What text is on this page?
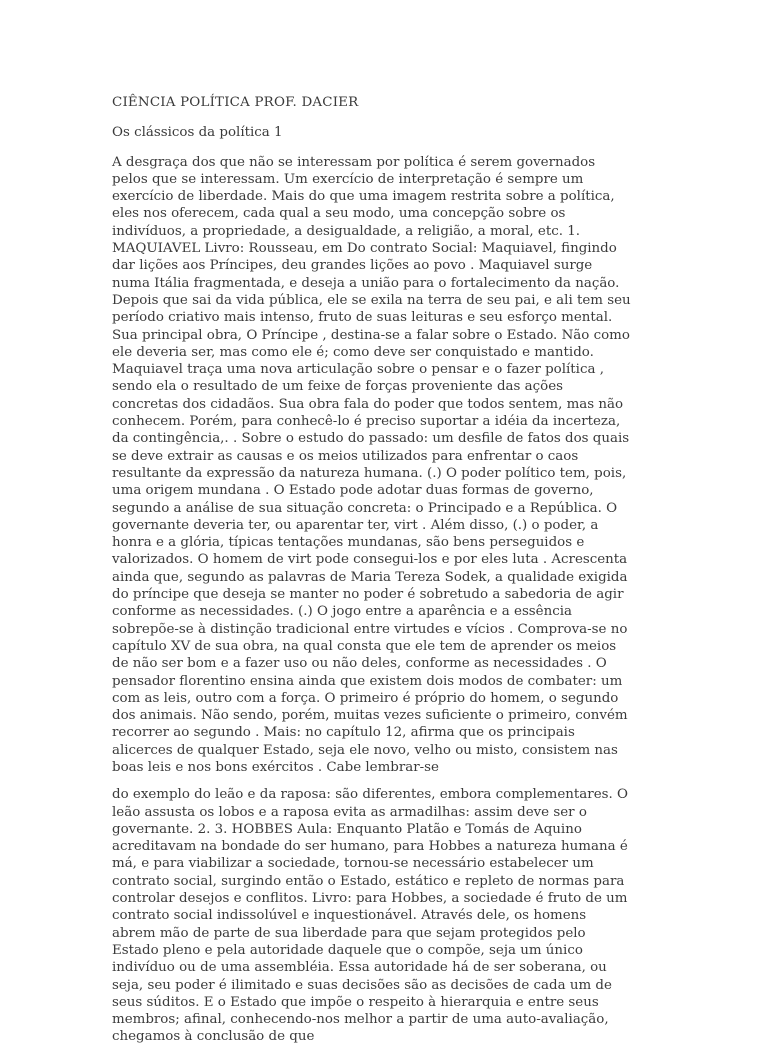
CIÊNCIA POLÍTICA PROF. DACIER

Os clássicos da política 1

A desgraça dos que não se interessam por política é serem governados pelos que se interessam. Um exercício de interpretação é sempre um exercício de liberdade. Mais do que uma imagem restrita sobre a política, eles nos oferecem, cada qual a seu modo, uma concepção sobre os indivíduos, a propriedade, a desigualdade, a religião, a moral, etc. 1. MAQUIAVEL Livro: Rousseau, em Do contrato Social: Maquiavel, fingindo dar lições aos Príncipes, deu grandes lições ao povo . Maquiavel surge numa Itália fragmentada, e deseja a união para o fortalecimento da nação. Depois que sai da vida pública, ele se exila na terra de seu pai, e ali tem seu período criativo mais intenso, fruto de suas leituras e seu esforço mental. Sua principal obra, O Príncipe , destina-se a falar sobre o Estado. Não como ele deveria ser, mas como ele é; como deve ser conquistado e mantido. Maquiavel traça uma nova articulação sobre o pensar e o fazer política , sendo ela o resultado de um feixe de forças proveniente das ações concretas dos cidadãos. Sua obra fala do poder que todos sentem, mas não conhecem. Porém, para conhecê-lo é preciso suportar a idéia da incerteza, da contingência,. . Sobre o estudo do passado: um desfile de fatos dos quais se deve extrair as causas e os meios utilizados para enfrentar o caos resultante da expressão da natureza humana. (.) O poder político tem, pois, uma origem mundana . O Estado pode adotar duas formas de governo, segundo a análise de sua situação concreta: o Principado e a República. O governante deveria ter, ou aparentar ter, virt . Além disso, (.) o poder, a honra e a glória, típicas tentações mundanas, são bens perseguidos e valorizados. O homem de virt pode consegui-los e por eles luta . Acrescenta ainda que, segundo as palavras de Maria Tereza Sodek, a qualidade exigida do príncipe que deseja se manter no poder é sobretudo a sabedoria de agir conforme as necessidades. (.) O jogo entre a aparência e a essência sobrepõe-se à distinção tradicional entre virtudes e vícios . Comprova-se no capítulo XV de sua obra, na qual consta que ele tem de aprender os meios de não ser bom e a fazer uso ou não deles, conforme as necessidades . O pensador florentino ensina ainda que existem dois modos de combater: um com as leis, outro com a força. O primeiro é próprio do homem, o segundo dos animais. Não sendo, porém, muitas vezes suficiente o primeiro, convém recorrer ao segundo . Mais: no capítulo 12, afirma que os principais alicerces de qualquer Estado, seja ele novo, velho ou misto, consistem nas boas leis e nos bons exércitos . Cabe lembrar-se

do exemplo do leão e da raposa: são diferentes, embora complementares. O leão assusta os lobos e a raposa evita as armadilhas: assim deve ser o governante. 2. 3. HOBBES Aula: Enquanto Platão e Tomás de Aquino acreditavam na bondade do ser humano, para Hobbes a natureza humana é má, e para viabilizar a sociedade, tornou-se necessário estabelecer um contrato social, surgindo então o Estado, estático e repleto de normas para controlar desejos e conflitos. Livro: para Hobbes, a sociedade é fruto de um contrato social indissolúvel e inquestionável. Através dele, os homens abrem mão de parte de sua liberdade para que sejam protegidos pelo Estado pleno e pela autoridade daquele que o compõe, seja um único indivíduo ou de uma assembléia. Essa autoridade há de ser soberana, ou seja, seu poder é ilimitado e suas decisões são as decisões de cada um de seus súditos. E o Estado que impõe o respeito à hierarquia e entre seus membros; afinal, conhecendo-nos melhor a partir de uma auto-avaliação, chegamos à conclusão de que
